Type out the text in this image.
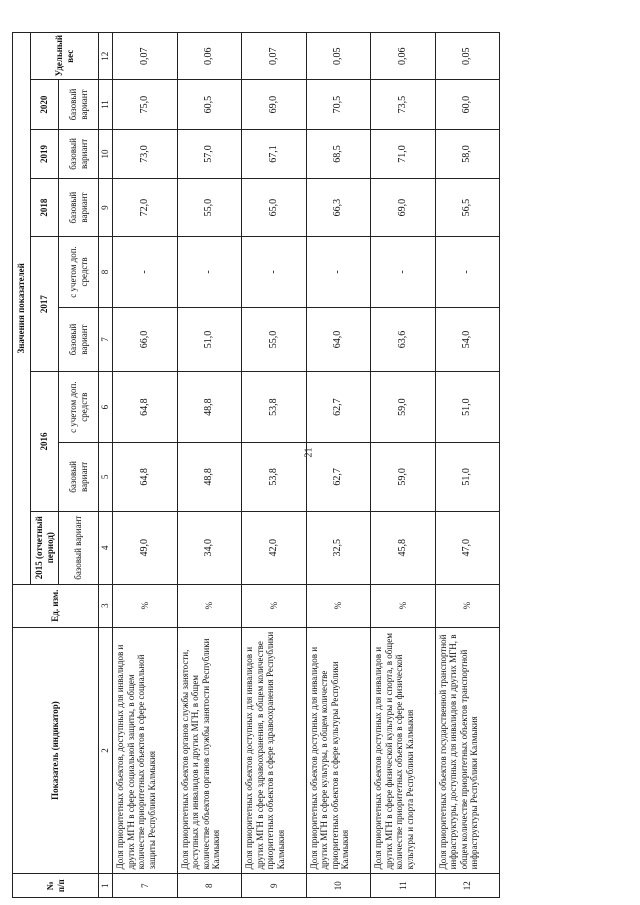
№ п/п	Показатель (индикатор)	Ед. изм.	Значения показателей								
			2015 (отчетный период)	2016		2017		2018	2019	2020	Удельный вес
			базовый вариант	базовый вариант	с учетом доп. средств	базовый вариант	с учетом доп. средств	базовый вариант	базовый вариант	базовый вариант	
1	2	3	4	5	6	7	8	9	10	11	12
7	Доля приоритетных объектов, доступных для инвалидов и других МГН в сфере социальной защиты, в общем количестве приоритетных объектов в сфере социальной защиты Республики Калмыкия	%	49,0	64,8	64,8	66,0	-	72,0	73,0	75,0	0,07
8	Доля приоритетных объектов органов службы занятости, доступных для инвалидов и других МГН, в общем количестве объектов органов службы занятости Республики Калмыкия	%	34,0	48,8	48,8	51,0	-	55,0	57,0	60,5	0,06
9	Доля приоритетных объектов доступных для инвалидов и других МГН в сфере здравоохранения, в общем количестве приоритетных объектов в сфере здравоохранения Республики Калмыкия	%	42,0	53,8	53,8	55,0	-	65,0	67,1	69,0	0,07
10	Доля приоритетных объектов доступных для инвалидов и других МГН в сфере культуры, в общем количестве приоритетных объектов в сфере культуры Республики Калмыкия	%	32,5	62,7	62,7	64,0	-	66,3	68,5	70,5	0,05
11	Доля приоритетных объектов доступных для инвалидов и других МГН в сфере физической культуры и спорта, в общем количестве приоритетных объектов в сфере физической культуры и спорта Республики Калмыкия	%	45,8	59,0	59,0	63,6	-	69,0	71,0	73,5	0,06
12	Доля приоритетных объектов государственной транспортной инфраструктуры, доступных для инвалидов и других МГН, в общем количестве приоритетных объектов транспортной инфраструктуры Республики Калмыкия	%	47,0	51,0	51,0	54,0	-	56,5	58,0	60,0	0,05
21
